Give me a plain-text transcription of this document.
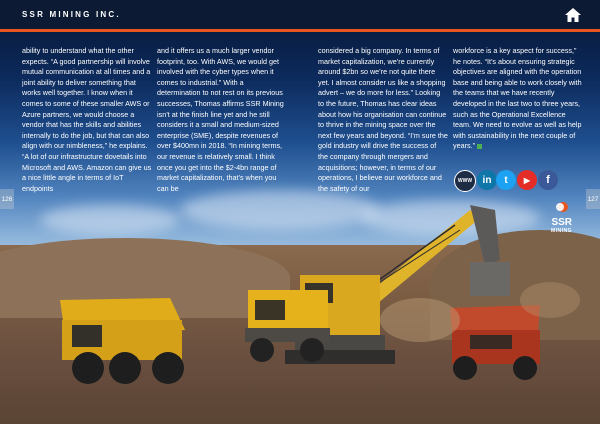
SSR MINING INC.

ability to understand what the other expects. “A good partnership will involve mutual communication at all times and a joint ability to deliver something that works well together. I know when it comes to some of these smaller AWS or Azure partners, we would choose a vendor that has the skills and abilities internally to do the job, but that can also align with our nimbleness,” he explains. “A lot of our infrastructure dovetails into Microsoft and AWS. Amazon can give us a nice little angle in terms of IoT endpoints

and it offers us a much larger vendor footprint, too. With AWS, we would get involved with the cyber types when it comes to industrial.” With a determination to not rest on its previous successes, Thomas affirms SSR Mining isn’t at the finish line yet and he still considers it a small and medium-sized enterprise (SME), despite revenues of over $400mn in 2018. “In mining terms, our revenue is relatively small. I think once you get into the $2-4bn range of market capitalization, that’s when you can be

considered a big company. In terms of market capitalization, we’re currently around $2bn so we’re not quite there yet. I almost consider us like a shopping advert – we do more for less.” Looking to the future, Thomas has clear ideas about how his organisation can continue to thrive in the mining space over the next few years and beyond. “I’m sure the gold industry will drive the success of the company through mergers and acquisitions; however, in terms of our operations, I believe our workforce and the safety of our

workforce is a key aspect for success,” he notes. “It’s about ensuring strategic objectives are aligned with the operation base and being able to work closely with the teams that we have recently developed in the last two to three years, such as the Operational Excellence team. We need to evolve as well as help with sustainability in the next couple of years.”

126	127
WWW	in	t	▶	f
SSR
MINING
